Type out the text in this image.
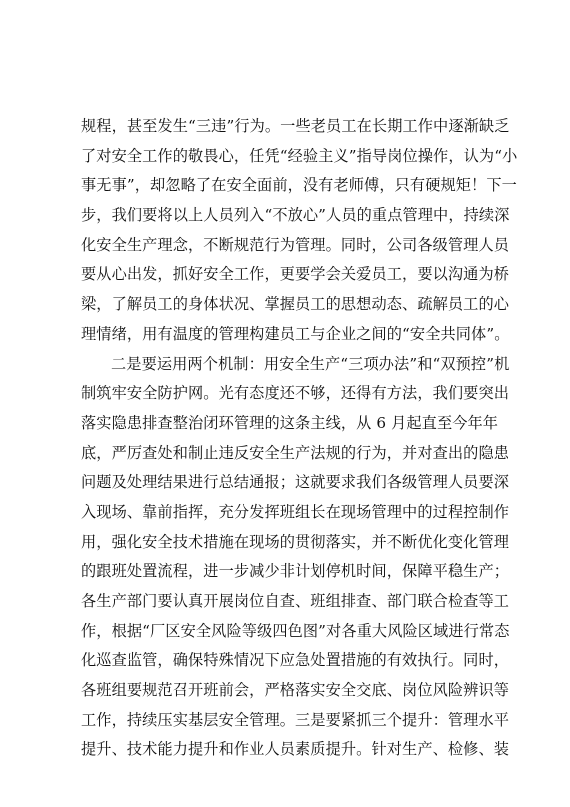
规程，甚至发生“三违”行为。一些老员工在长期工作中逐渐缺乏
了对安全工作的敬畏心，任凭“经验主义”指导岗位操作，认为“小
事无事”，却忽略了在安全面前，没有老师傅，只有硬规矩！下一
步，我们要将以上人员列入“不放心”人员的重点管理中，持续深
化安全生产理念，不断规范行为管理。同时，公司各级管理人员
要从心出发，抓好安全工作，更要学会关爱员工，要以沟通为桥
梁，了解员工的身体状况、掌握员工的思想动态、疏解员工的心
理情绪，用有温度的管理构建员工与企业之间的“安全共同体”。
二是要运用两个机制：用安全生产“三项办法”和“双预控”机
制筑牢安全防护网。光有态度还不够，还得有方法，我们要突出
落实隐患排查整治闭环管理的这条主线，从 6 月起直至今年年
底，严厉查处和制止违反安全生产法规的行为，并对查出的隐患
问题及处理结果进行总结通报；这就要求我们各级管理人员要深
入现场、靠前指挥，充分发挥班组长在现场管理中的过程控制作
用，强化安全技术措施在现场的贯彻落实，并不断优化变化管理
的跟班处置流程，进一步减少非计划停机时间，保障平稳生产；
各生产部门要认真开展岗位自查、班组排查、部门联合检查等工
作，根据“厂区安全风险等级四色图”对各重大风险区域进行常态
化巡查监管，确保特殊情况下应急处置措施的有效执行。同时，
各班组要规范召开班前会，严格落实安全交底、岗位风险辨识等
工作，持续压实基层安全管理。三是要紧抓三个提升：管理水平
提升、技术能力提升和作业人员素质提升。针对生产、检修、装
